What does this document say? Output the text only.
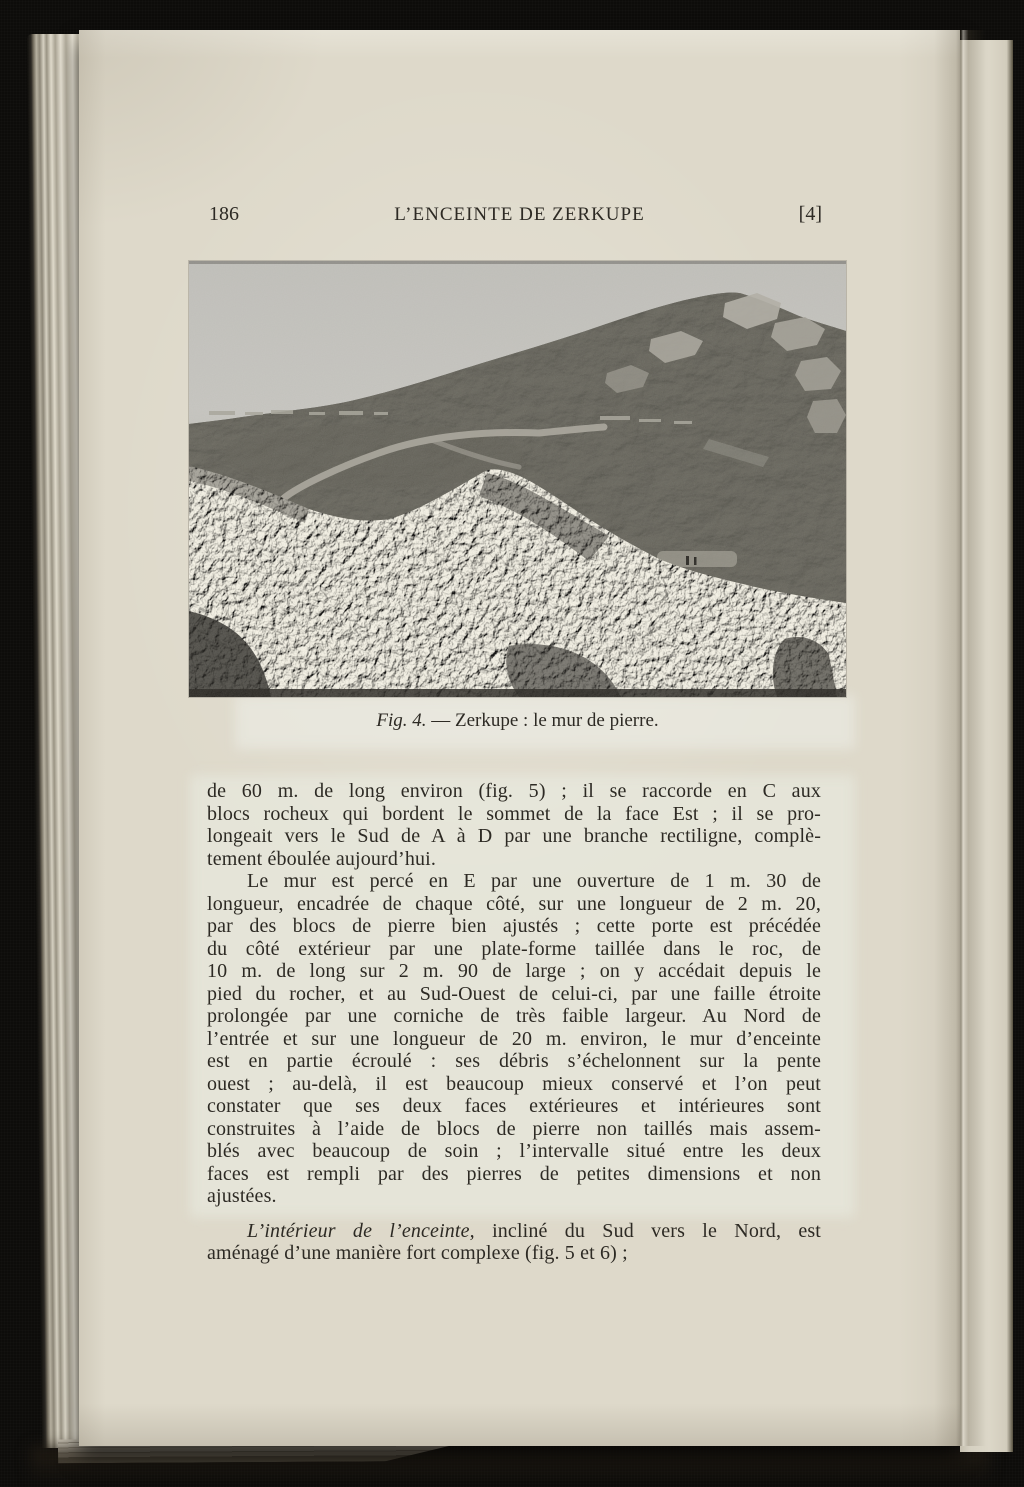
186	L’ENCEINTE DE ZERKUPE	[4]
Fig. 4. — Zerkupe : le mur de pierre.
de 60 m. de long environ (fig. 5) ; il se raccorde en C aux
blocs rocheux qui bordent le sommet de la face Est ; il se pro-
longeait vers le Sud de A à D par une branche rectiligne, complè-
tement éboulée aujourd’hui.
Le mur est percé en E par une ouverture de 1 m. 30 de
longueur, encadrée de chaque côté, sur une longueur de 2 m. 20,
par des blocs de pierre bien ajustés ; cette porte est précédée
du côté extérieur par une plate-forme taillée dans le roc, de
10 m. de long sur 2 m. 90 de large ; on y accédait depuis le
pied du rocher, et au Sud-Ouest de celui-ci, par une faille étroite
prolongée par une corniche de très faible largeur. Au Nord de
l’entrée et sur une longueur de 20 m. environ, le mur d’enceinte
est en partie écroulé : ses débris s’échelonnent sur la pente
ouest ; au-delà, il est beaucoup mieux conservé et l’on peut
constater que ses deux faces extérieures et intérieures sont
construites à l’aide de blocs de pierre non taillés mais assem-
blés avec beaucoup de soin ; l’intervalle situé entre les deux
faces est rempli par des pierres de petites dimensions et non
ajustées.
L’intérieur de l’enceinte, incliné du Sud vers le Nord, est
aménagé d’une manière fort complexe (fig. 5 et 6) ;
